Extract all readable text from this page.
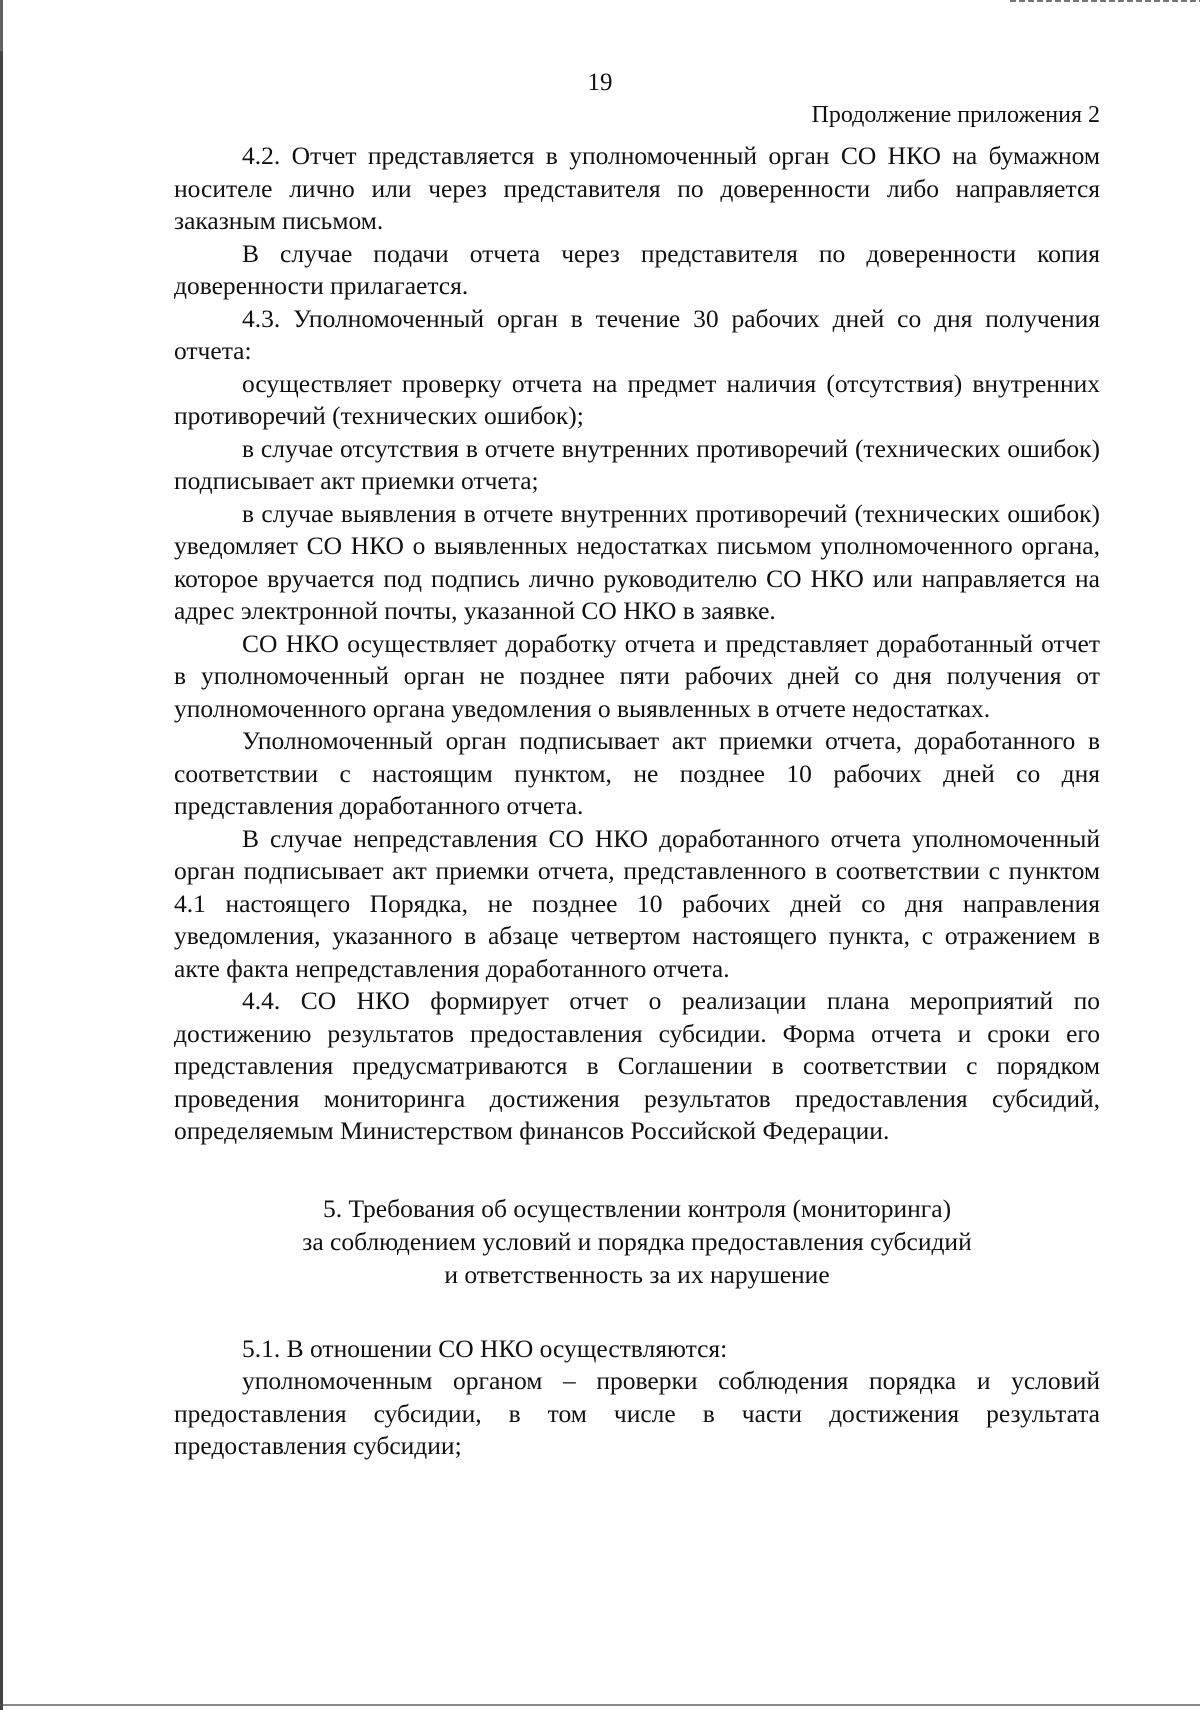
19
Продолжение приложения 2

4.2. Отчет представляется в уполномоченный орган СО НКО на бумажном носителе лично или через представителя по доверенности либо направляется заказным письмом.

В случае подачи отчета через представителя по доверенности копия доверенности прилагается.

4.3. Уполномоченный орган в течение 30 рабочих дней со дня получения отчета:

осуществляет проверку отчета на предмет наличия (отсутствия) внутренних противоречий (технических ошибок);

в случае отсутствия в отчете внутренних противоречий (технических ошибок) подписывает акт приемки отчета;

в случае выявления в отчете внутренних противоречий (технических ошибок) уведомляет СО НКО о выявленных недостатках письмом уполномоченного органа, которое вручается под подпись лично руководителю СО НКО или направляется на адрес электронной почты, указанной СО НКО в заявке.

СО НКО осуществляет доработку отчета и представляет доработанный отчет в уполномоченный орган не позднее пяти рабочих дней со дня получения от уполномоченного органа уведомления о выявленных в отчете недостатках.

Уполномоченный орган подписывает акт приемки отчета, доработанного в соответствии с настоящим пунктом, не позднее 10 рабочих дней со дня представления доработанного отчета.

В случае непредставления СО НКО доработанного отчета уполномоченный орган подписывает акт приемки отчета, представленного в соответствии с пунктом 4.1 настоящего Порядка, не позднее 10 рабочих дней со дня направления уведомления, указанного в абзаце четвертом настоящего пункта, с отражением в акте факта непредставления доработанного отчета.

4.4. СО НКО формирует отчет о реализации плана мероприятий по достижению результатов предоставления субсидии. Форма отчета и сроки его представления предусматриваются в Соглашении в соответствии с порядком проведения мониторинга достижения результатов предоставления субсидий, определяемым Министерством финансов Российской Федерации.

5. Требования об осуществлении контроля (мониторинга)
за соблюдением условий и порядка предоставления субсидий
и ответственность за их нарушение

5.1. В отношении СО НКО осуществляются:

уполномоченным органом – проверки соблюдения порядка и условий предоставления субсидии, в том числе в части достижения результата предоставления субсидии;
